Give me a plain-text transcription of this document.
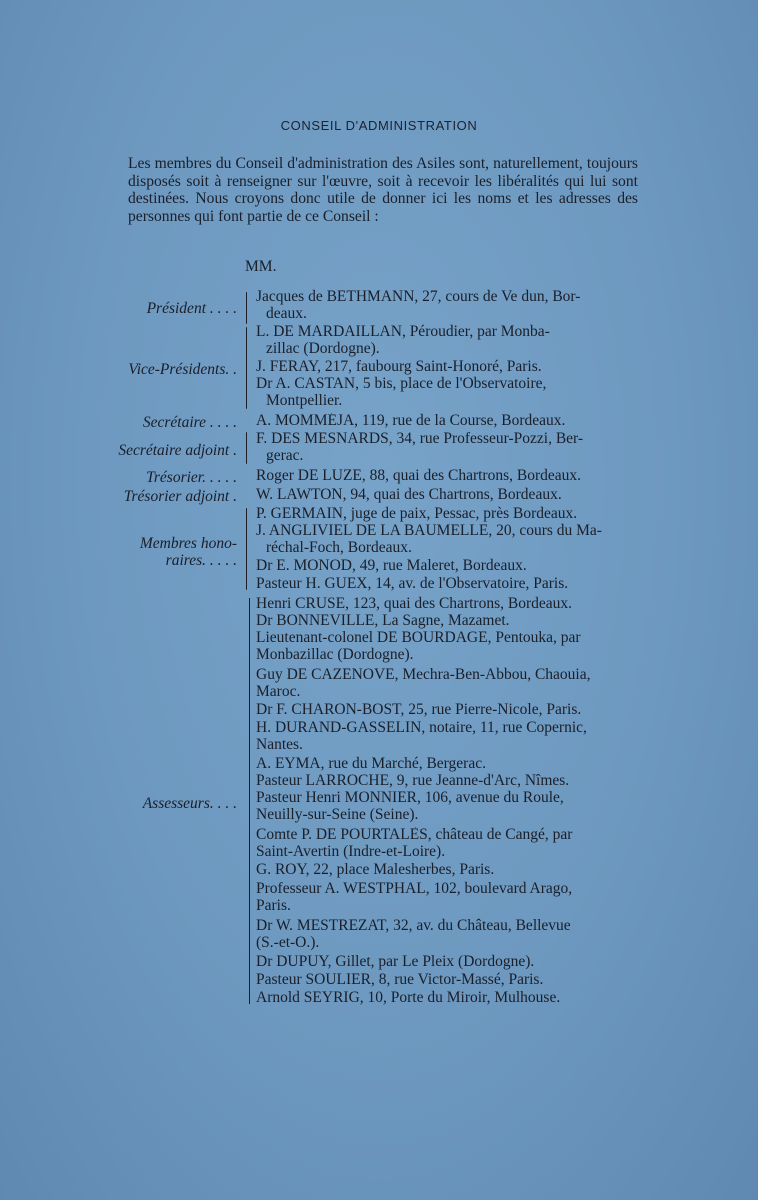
CONSEIL D'ADMINISTRATION
Les membres du Conseil d'administration des Asiles sont, naturellement, toujours disposés soit à renseigner sur l'œuvre, soit à recevoir les libéralités qui lui sont destinées. Nous croyons donc utile de donner ici les noms et les adresses des personnes qui font partie de ce Conseil :
MM.
Président . . . .
Vice-Présidents. .
Secrétaire . . . .
Secrétaire adjoint .
Trésorier. . . . .
Trésorier adjoint .
Membres hono-
raires. . . . .
Assesseurs. . . .
Jacques de BETHMANN, 27, cours de Ve dun, Bor-
deaux.
L. DE MARDAILLAN, Péroudier, par Monba-
zillac (Dordogne).
J. FERAY, 217, faubourg Saint-Honoré, Paris.
Dr A. CASTAN, 5 bis, place de l'Observatoire,
Montpellier.
A. MOMMÉJA, 119, rue de la Course, Bordeaux.
F. DES MESNARDS, 34, rue Professeur-Pozzi, Ber-
gerac.
Roger DE LUZE, 88, quai des Chartrons, Bordeaux.
W. LAWTON, 94, quai des Chartrons, Bordeaux.
P. GERMAIN, juge de paix, Pessac, près Bordeaux.
J. ANGLIVIEL DE LA BAUMELLE, 20, cours du Ma-
réchal-Foch, Bordeaux.
Dr E. MONOD, 49, rue Maleret, Bordeaux.
Pasteur H. GUEX, 14, av. de l'Observatoire, Paris.
Henri CRUSE, 123, quai des Chartrons, Bordeaux.
Dr BONNEVILLE, La Sagne, Mazamet.
Lieutenant-colonel DE BOURDAGE, Pentouka, par
Monbazillac (Dordogne).
Guy DE CAZENOVE, Mechra-Ben-Abbou, Chaouia,
Maroc.
Dr F. CHARON-BOST, 25, rue Pierre-Nicole, Paris.
H. DURAND-GASSELIN, notaire, 11, rue Copernic,
Nantes.
A. EYMA, rue du Marché, Bergerac.
Pasteur LARROCHE, 9, rue Jeanne-d'Arc, Nîmes.
Pasteur Henri MONNIER, 106, avenue du Roule,
Neuilly-sur-Seine (Seine).
Comte P. DE POURTALÈS, château de Cangé, par
Saint-Avertin (Indre-et-Loire).
G. ROY, 22, place Malesherbes, Paris.
Professeur A. WESTPHAL, 102, boulevard Arago,
Paris.
Dr W. MESTREZAT, 32, av. du Château, Bellevue
(S.-et-O.).
Dr DUPUY, Gillet, par Le Pleix (Dordogne).
Pasteur SOULIER, 8, rue Victor-Massé, Paris.
Arnold SEYRIG, 10, Porte du Miroir, Mulhouse.
